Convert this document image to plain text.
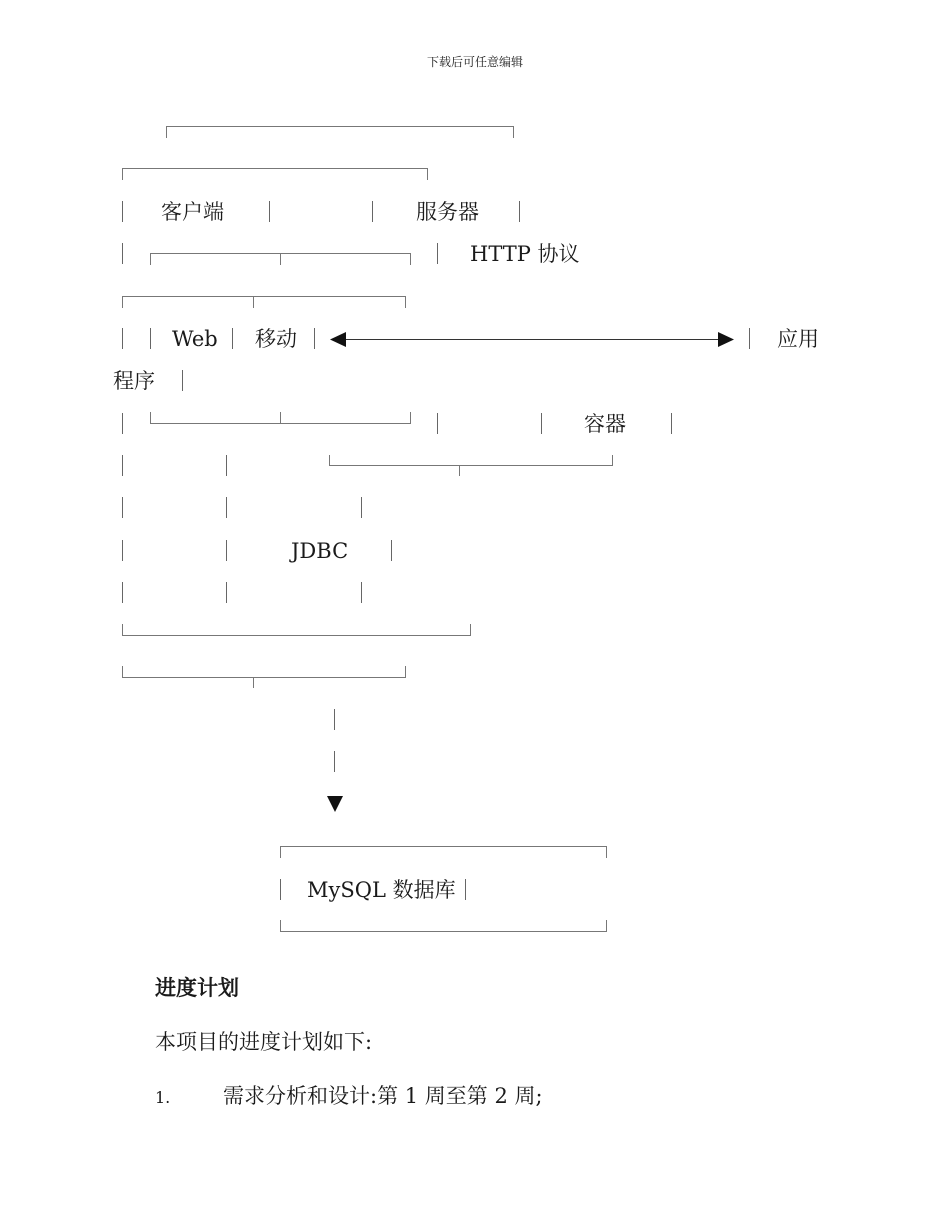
下载后可任意编辑
客户端	服务器
HTTP 协议
Web 移动	应用
程序
容器
JDBC
MySQL 数据库
进度计划
本项目的进度计划如下:
1.	需求分析和设计:第 1 周至第 2 周;
